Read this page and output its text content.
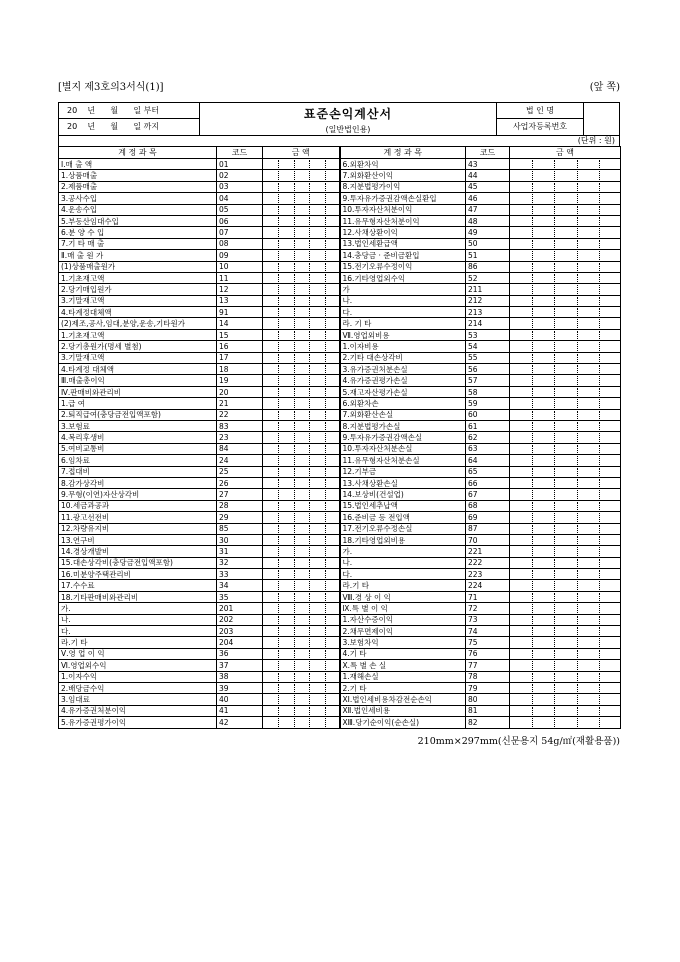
[별지 제3호의3서식(1)]	(앞 쪽)
20    년      월      일 부터
20    년      월      일 까지
표준손익계산서
(일반법인용)
법 인 명
사업자등록번호
(단위 : 원)
계 정 과 목	코드	금 액	계 정 과 목	코드	금 액
Ⅰ.매 출 액	01		6.외환차익	43	

1.상품매출	02		7.외화환산이익	44	

2.제품매출	03		8.지분법평가이익	45	

3.공사수입	04		9.투자유가증권감액손실환입	46	

4.운송수입	05		10.투자자산처분이익	47	

5.부동산임대수입	06		11.유무형자산처분이익	48	

6.분 양 수 입	07		12.사채상환이익	49	

7.기 타 매 출	08		13.법인세환급액	50	

Ⅱ.매 출 원 가	09		14.충당금 · 준비금환입	51	

(1)상품매출원가	10		15.전기오류수정이익	86	

1.기초재고액	11		16.기타영업외수익	52	

2.당기매입원가	12		가	211	

3.기말재고액	13		나.	212	

4.타계정대체액	91		다.	213	

(2)제조,공사,임대,분양,운송,기타원가	14		라. 기 타	214	

1.기초재고액	15		Ⅶ.영업외비용	53	

2.당기총원가(명세 별첨)	16		1.이자비용	54	

3.기말재고액	17		2.기타 대손상각비	55	

4.타계정 대체액	18		3.유가증권처분손실	56	

Ⅲ.매출총이익	19		4.유가증권평가손실	57	

Ⅳ.판매비와관리비	20		5.재고자산평가손실	58	

1.급 여	21		6.외환차손	59	

2.퇴직급여(충당금전입액포함)	22		7.외화환산손실	60	

3.보험료	83		8.지분법평가손실	61	

4.복리후생비	23		9.투자유가증권감액손실	62	

5.여비교통비	84		10.투자자산처분손실	63	

6.임차료	24		11.유무형자산처분손실	64	

7.접대비	25		12.기부금	65	

8.감가상각비	26		13.사채상환손실	66	

9.무형(이연)자산상각비	27		14.보상비(건설업)	67	

10.세금과공과	28		15.법인세추납액	68	

11.광고선전비	29		16.준비금 등 전입액	69	

12.차량유지비	85		17.전기오류수정손실	87	

13.연구비	30		18.기타영업외비용	70	

14.경상개발비	31		가.	221	

15.대손상각비(충당금전입액포함)	32		나.	222	

16.미분양주택관리비	33		다.	223	

17.수수료	34		라.기 타	224	

18.기타판매비와관리비	35		Ⅷ.경 상 이 익	71	

가.	201		Ⅸ.특 별 이 익	72	

나.	202		1.자산수증이익	73	

다.	203		2.채무면제이익	74	

라.기 타	204		3.보험차익	75	

Ⅴ.영 업 이 익	36		4.기 타	76	

Ⅵ.영업외수익	37		Ⅹ.특 별 손 실	77	

1.이자수익	38		1.재해손실	78	

2.배당금수익	39		2.기 타	79	

3.임대료	40		ⅩⅠ.법인세비용차감전순손익	80	

4.유가증권처분이익	41		ⅩⅡ.법인세비용	81	

5.유가증권평가이익	42		ⅩⅢ.당기순이익(순손실)	82	
210mm×297mm(신문용지 54g/㎡(재활용품))
